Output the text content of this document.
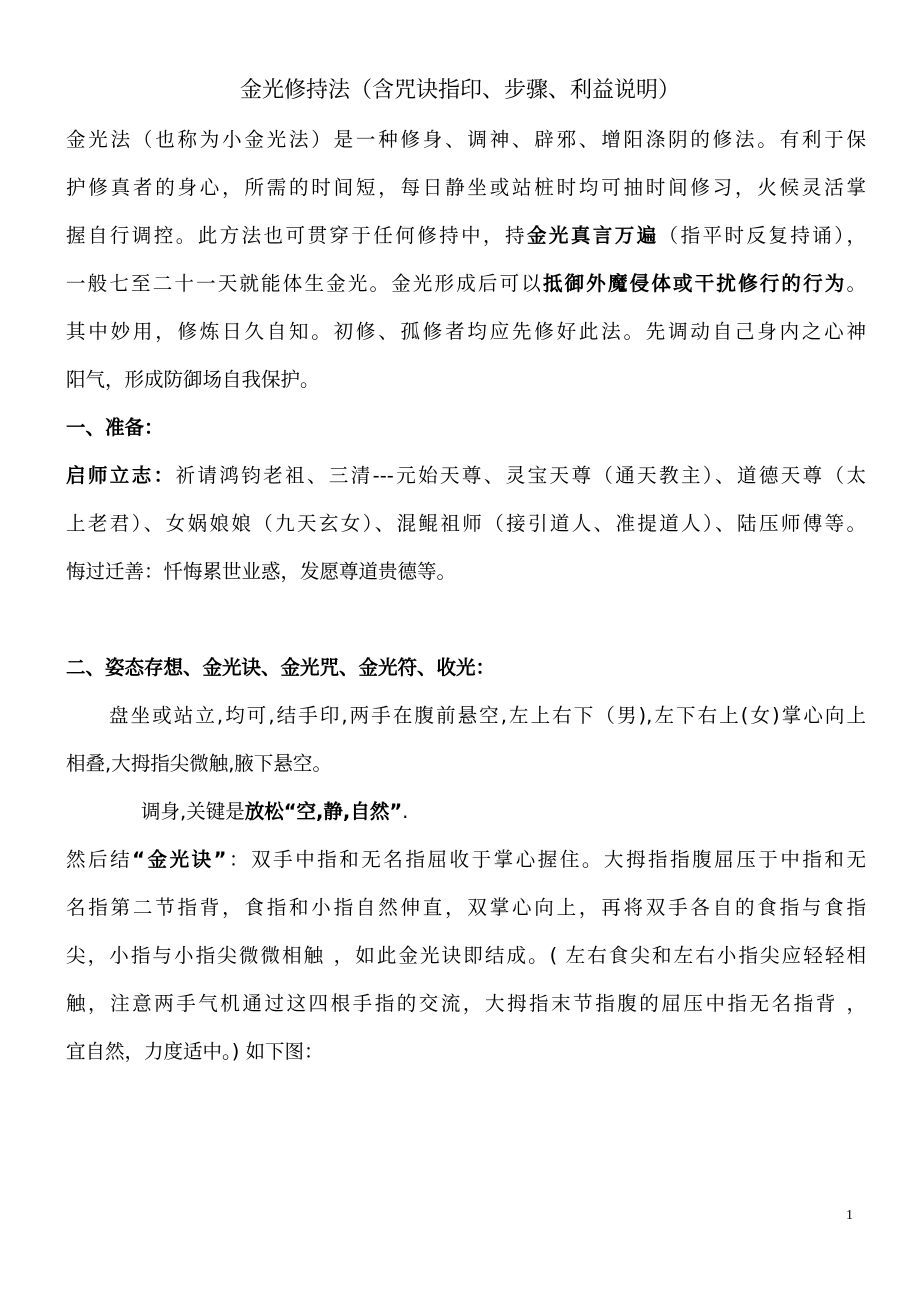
金光修持法（含咒诀指印、步骤、利益说明）
金光法（也称为小金光法）是一种修身、调神、辟邪、增阳涤阴的修法。有利于保
护修真者的身心，所需的时间短，每日静坐或站桩时均可抽时间修习，火候灵活掌
握自行调控。此方法也可贯穿于任何修持中，持金光真言万遍（指平时反复持诵），
一般七至二十一天就能体生金光。金光形成后可以抵御外魔侵体或干扰修行的行为。
其中妙用，修炼日久自知。初修、孤修者均应先修好此法。先调动自己身内之心神
阳气，形成防御场自我保护。
一、准备：
启师立志：祈请鸿钧老祖、三清---元始天尊、灵宝天尊（通天教主）、道德天尊（太
上老君）、女娲娘娘（九天玄女）、混鲲祖师（接引道人、准提道人）、陆压师傅等。
悔过迁善：忏悔累世业惑，发愿尊道贵德等。
二、姿态存想、金光诀、金光咒、金光符、收光：
盘坐或站立,均可,结手印,两手在腹前悬空,左上右下（男),左下右上(女)掌心向上
相叠,大拇指尖微触,腋下悬空。
调身,关键是放松“空,静,自然”.
然后结“金光诀”：双手中指和无名指屈收于掌心握住。大拇指指腹屈压于中指和无
名指第二节指背，食指和小指自然伸直，双掌心向上，再将双手各自的食指与食指
尖，小指与小指尖微微相触 ，如此金光诀即结成。( 左右食尖和左右小指尖应轻轻相
触，注意两手气机通过这四根手指的交流，大拇指末节指腹的屈压中指无名指背 ，
宜自然，力度适中。) 如下图：
1
